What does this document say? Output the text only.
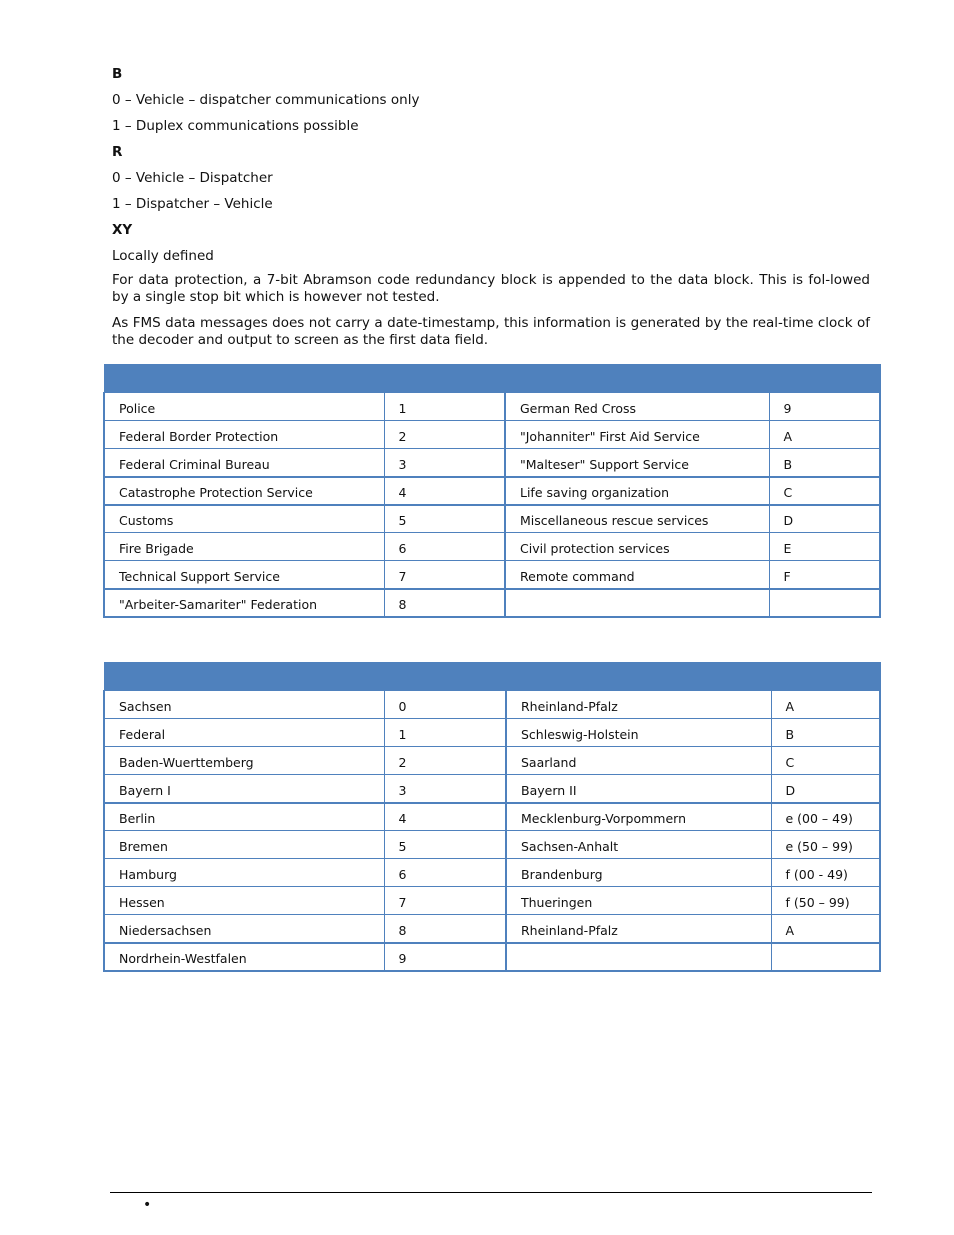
B
0 – Vehicle – dispatcher communications only
1 – Duplex communications possible
R
0 – Vehicle – Dispatcher
1 – Dispatcher – Vehicle
XY
Locally defined

For data protection, a 7-bit Abramson code redundancy block is appended to the data block. This is fol-lowed by a single stop bit which is however not tested.

As FMS data messages does not carry a date-timestamp, this information is generated by the real-time clock of the decoder and output to screen as the first data field.

Police	1	German Red Cross	9
Federal Border Protection	2	"Johanniter" First Aid Service	A
Federal Criminal Bureau	3	"Malteser" Support Service	B
Catastrophe Protection Service	4	Life saving organization	C
Customs	5	Miscellaneous rescue services	D
Fire Brigade	6	Civil protection services	E
Technical Support Service	7	Remote command	F
"Arbeiter-Samariter" Federation	8		

Sachsen	0	Rheinland-Pfalz	A
Federal	1	Schleswig-Holstein	B
Baden-Wuerttemberg	2	Saarland	C
Bayern I	3	Bayern II	D
Berlin	4	Mecklenburg-Vorpommern	e (00 – 49)
Bremen	5	Sachsen-Anhalt	e (50 – 99)
Hamburg	6	Brandenburg	f (00 - 49)
Hessen	7	Thueringen	f (50 – 99)
Niedersachsen	8	Rheinland-Pfalz	A
Nordrhein-Westfalen	9		
•
